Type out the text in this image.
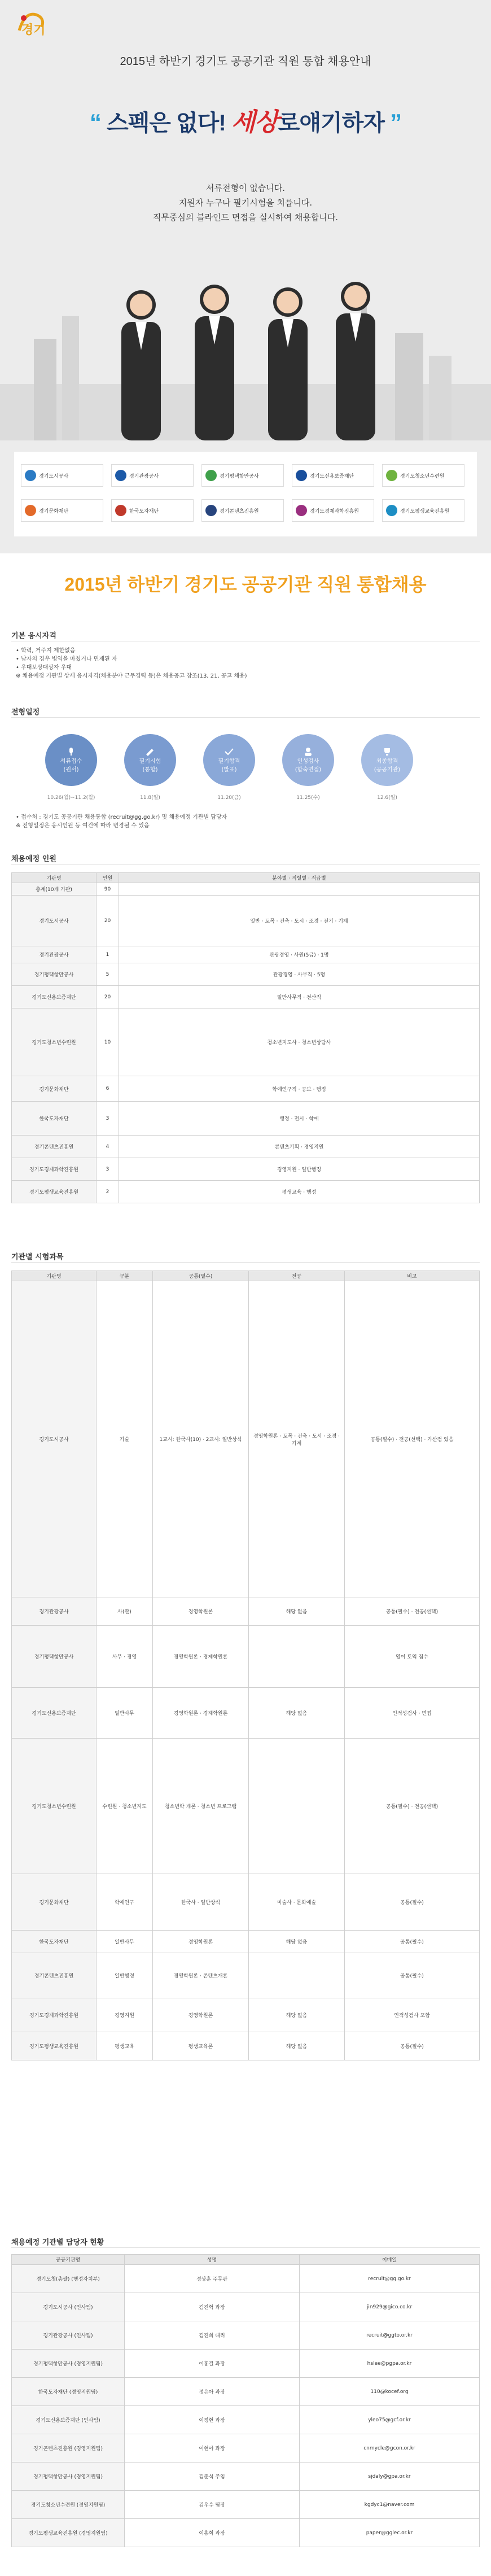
경기
2015년 하반기 경기도 공공기관 직원 통합 채용안내
“ 스펙은 없다! 세상로얘기하자 ”
서류전형이 없습니다.
지원자 누구나 필기시험을 치릅니다.
직무중심의 블라인드 면접을 실시하여 채용합니다.
경기도시공사	경기관광공사	경기평택항만공사	경기도신용보증재단	경기도청소년수련원
경기문화재단	한국도자재단	경기콘텐츠진흥원	경기도경제과학진흥원	경기도평생교육진흥원
2015년 하반기 경기도 공공기관 직원 통합채용
기본 응시자격
• 학력, 거주지 제한없음
• 남자의 경우 병역을 마쳤거나 면제된 자
• 우대보상대상자 우대
※ 채용예정 기관별 상세 응시자격(채용분야 근무경력 등)은 채용공고 참조(13, 21, 공고 채용)
전형일정
서류접수
(원서)
필기시험
(통합)
필기합격
(발표)
인성검사
(합숙면접)
최종합격
(공공기관)
10.26(월)~11.2(월)	11.8(일)	11.20(금)	11.25(수)	12.6(일)
• 접수처 : 경기도 공공기관 채용통합 (recruit@gg.go.kr) 및 채용예정 기관별 담당자
※ 전형일정은 응시인원 등 여건에 따라 변경될 수 있음
채용예정 인원
기관명	인원	분야별 · 직렬별 · 직급별
총계(10개 기관)	90	
경기도시공사	20	일반 · 토목 · 건축 · 도시 · 조경 · 전기 · 기계
경기관광공사	1	관광경영 · 사원(5급) · 1명
경기평택항만공사	5	관광경영 · 사무직 · 5명
경기도신용보증재단	20	일반사무직 · 전산직
경기도청소년수련원	10	청소년지도사 · 청소년상담사
경기문화재단	6	학예연구직 · 공보 · 행정
한국도자재단	3	행정 · 전시 · 학예
경기콘텐츠진흥원	4	콘텐츠기획 · 경영지원
경기도경제과학진흥원	3	경영지원 · 일반행정
경기도평생교육진흥원	2	평생교육 · 행정
기관별 시험과목
기관명	구분	공통(필수)	전공	비고
경기도시공사	기술	1교시: 한국사(10) · 2교시: 일반상식	경영학원론 · 토목 · 건축 · 도시 · 조경 · 기계	공통(필수) · 전공(선택) · 가산점 있음
경기관광공사	사(관)	경영학원론	해당 없음	공통(필수) · 전공(선택)
경기평택항만공사	사무 · 경영	경영학원론 · 경제학원론		영어 토익 점수
경기도신용보증재단	일반사무	경영학원론 · 경제학원론	해당 없음	인적성검사 · 면접
경기도청소년수련원	수련원 · 청소년지도	청소년학 개론 · 청소년 프로그램		공통(필수) · 전공(선택)
경기문화재단	학예연구	한국사 · 일반상식	미술사 · 문화예술	공통(필수)
한국도자재단	일반사무	경영학원론	해당 없음	공통(필수)
경기콘텐츠진흥원	일반행정	경영학원론 · 콘텐츠개론		공통(필수)
경기도경제과학진흥원	경영지원	경영학원론	해당 없음	인적성검사 포함
경기도평생교육진흥원	평생교육	평생교육론	해당 없음	공통(필수)
채용예정 기관별 담당자 현황
공공기관명	성명	이메일
경기도청(총괄) (행정자치부)	정상훈 주무관	recruit@gg.go.kr
경기도시공사 (인사팀)	김진혁 과장	jin929@gico.co.kr
경기관광공사 (인사팀)	김진희 대리	recruit@ggto.or.kr
경기평택항만공사 (경영지원팀)	이홍걸 과장	hslee@pgpa.or.kr
한국도자재단 (경영지원팀)	정은아 과장	110@kocef.org
경기도신용보증재단 (인사팀)	이정현 과장	yleo75@gcf.or.kr
경기콘텐츠진흥원 (경영지원팀)	이현아 과장	cnmycle@gcon.or.kr
경기평택항만공사 (경영지원팀)	김준석 주임	sjdaly@gpa.or.kr
경기도청소년수련원 (경영지원팀)	김우수 팀장	kgdyc1@naver.com
경기도평생교육진흥원 (경영지원팀)	이홍희 과장	paper@gglec.or.kr
